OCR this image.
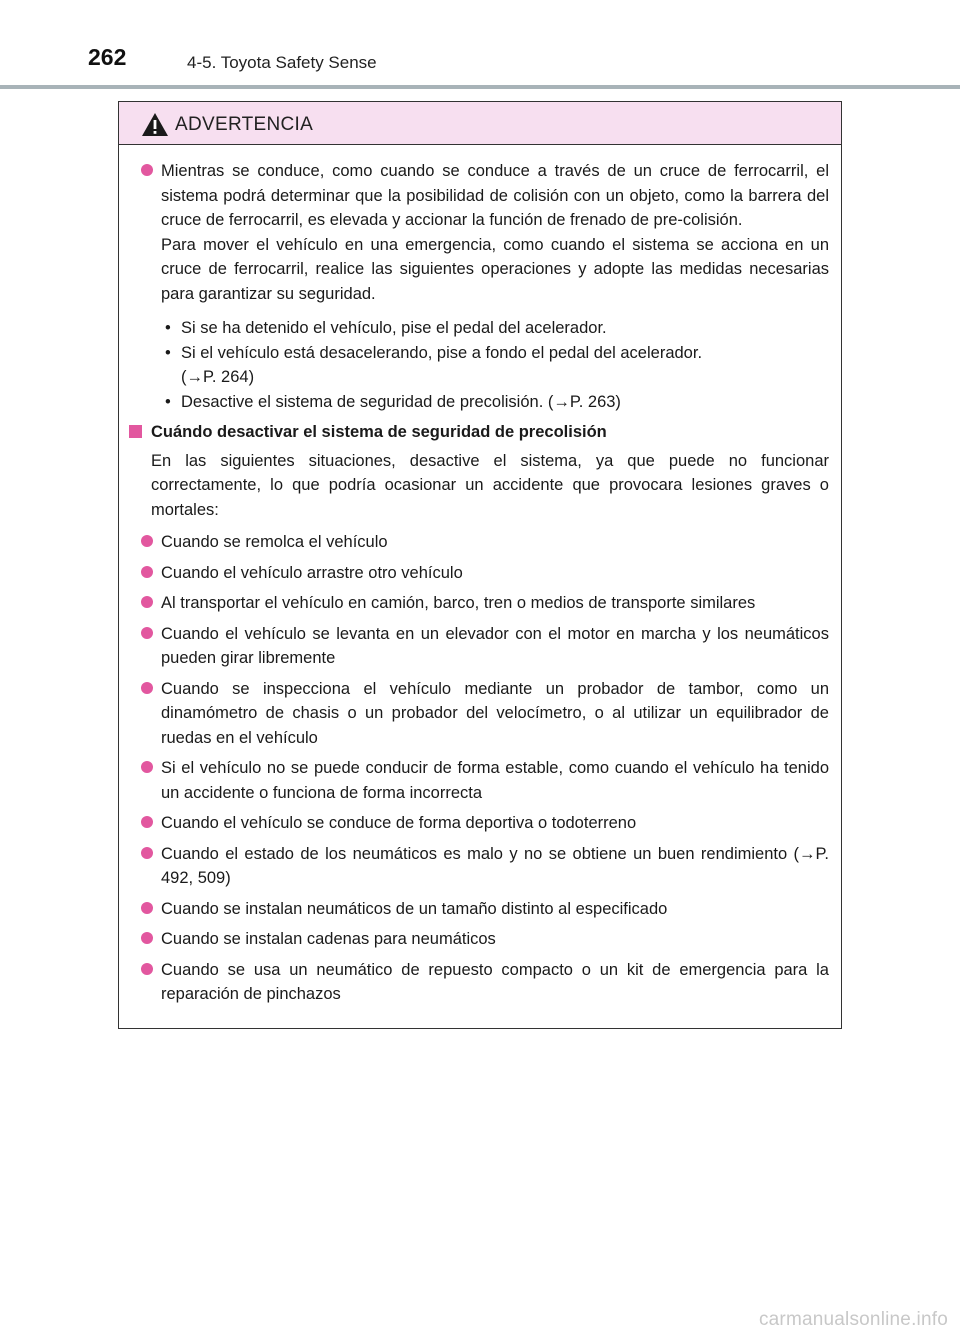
262	4-5. Toyota Safety Sense
ADVERTENCIA

Mientras se conduce, como cuando se conduce a través de un cruce de ferrocarril, el sistema podrá determinar que la posibilidad de colisión con un objeto, como la barrera del cruce de ferrocarril, es elevada y accionar la función de frenado de pre-colisión.

Para mover el vehículo en una emergencia, como cuando el sistema se acciona en un cruce de ferrocarril, realice las siguientes operaciones y adopte las medidas necesarias para garantizar su seguridad.

• Si se ha detenido el vehículo, pise el pedal del acelerador.
• Si el vehículo está desacelerando, pise a fondo el pedal del acelerador.
(→P. 264)
• Desactive el sistema de seguridad de precolisión. (→P. 263)
Cuándo desactivar el sistema de seguridad de precolisión
En las siguientes situaciones, desactive el sistema, ya que puede no funcionar correctamente, lo que podría ocasionar un accidente que provocara lesiones graves o mortales:

Cuando se remolca el vehículo

Cuando el vehículo arrastre otro vehículo

Al transportar el vehículo en camión, barco, tren o medios de transporte similares

Cuando el vehículo se levanta en un elevador con el motor en marcha y los neumáticos pueden girar libremente

Cuando se inspecciona el vehículo mediante un probador de tambor, como un dinamómetro de chasis o un probador del velocímetro, o al utilizar un equilibrador de ruedas en el vehículo

Si el vehículo no se puede conducir de forma estable, como cuando el vehículo ha tenido un accidente o funciona de forma incorrecta

Cuando el vehículo se conduce de forma deportiva o todoterreno

Cuando el estado de los neumáticos es malo y no se obtiene un buen rendimiento (→P. 492, 509)

Cuando se instalan neumáticos de un tamaño distinto al especificado

Cuando se instalan cadenas para neumáticos

Cuando se usa un neumático de repuesto compacto o un kit de emergencia para la reparación de pinchazos

carmanualsonline.info
